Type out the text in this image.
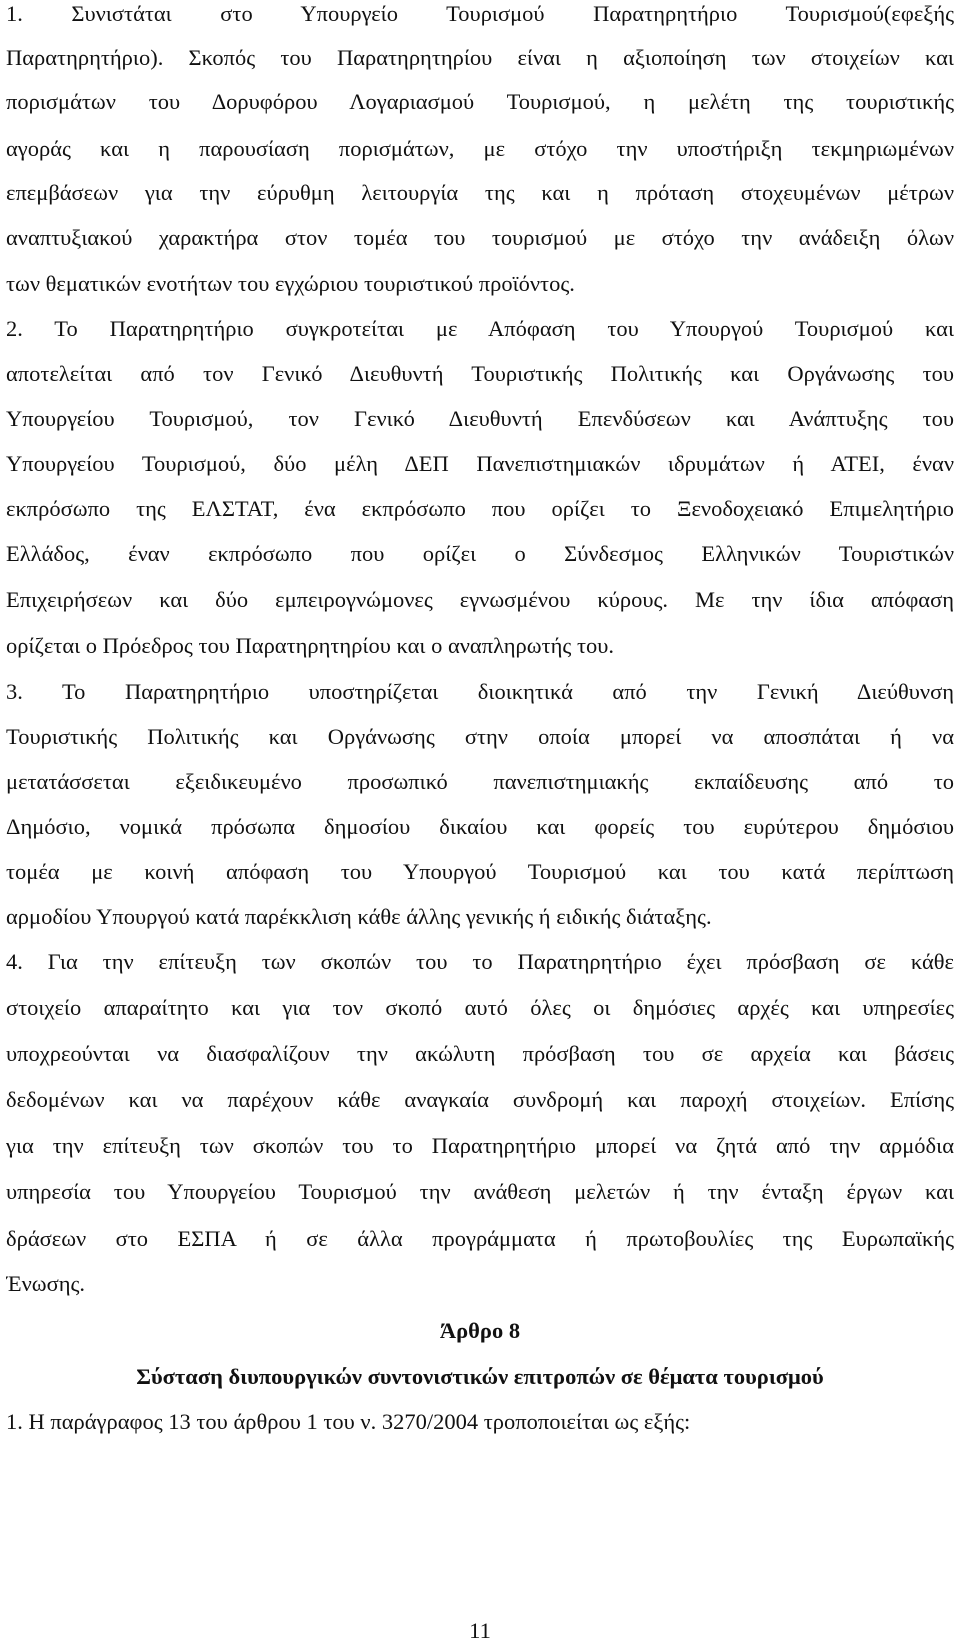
1. Συνιστάται στο Υπουργείο Τουρισμού Παρατηρητήριο Τουρισμού(εφεξής
Παρατηρητήριο). Σκοπός του Παρατηρητηρίου είναι η αξιοποίηση των στοιχείων και
πορισμάτων του Δορυφόρου Λογαριασμού Τουρισμού, η μελέτη της τουριστικής
αγοράς και η παρουσίαση πορισμάτων, με στόχο την υποστήριξη τεκμηριωμένων
επεμβάσεων για την εύρυθμη λειτουργία της και η πρόταση στοχευμένων μέτρων
αναπτυξιακού χαρακτήρα στον τομέα του τουρισμού με στόχο την ανάδειξη όλων
των θεματικών ενοτήτων του εγχώριου τουριστικού προϊόντος.
2. Το Παρατηρητήριο συγκροτείται με Απόφαση του Υπουργού Τουρισμού και
αποτελείται από τον Γενικό Διευθυντή Τουριστικής Πολιτικής και Οργάνωσης του
Υπουργείου Τουρισμού, τον Γενικό Διευθυντή Επενδύσεων και Ανάπτυξης του
Υπουργείου Τουρισμού, δύο μέλη ΔΕΠ Πανεπιστημιακών ιδρυμάτων ή ΑΤΕΙ, έναν
εκπρόσωπο της ΕΛΣΤΑΤ, ένα εκπρόσωπο που ορίζει το Ξενοδοχειακό Επιμελητήριο
Ελλάδος, έναν εκπρόσωπο που ορίζει ο Σύνδεσμος Ελληνικών Τουριστικών
Επιχειρήσεων και δύο εμπειρογνώμονες εγνωσμένου κύρους. Με την ίδια απόφαση
ορίζεται ο Πρόεδρος του Παρατηρητηρίου και ο αναπληρωτής του.
3. Το Παρατηρητήριο υποστηρίζεται διοικητικά από την Γενική Διεύθυνση
Τουριστικής Πολιτικής και Οργάνωσης στην οποία μπορεί να αποσπάται ή να
μετατάσσεται εξειδικευμένο προσωπικό πανεπιστημιακής εκπαίδευσης από το
Δημόσιο, νομικά πρόσωπα δημοσίου δικαίου και φορείς του ευρύτερου δημόσιου
τομέα με κοινή απόφαση του Υπουργού Τουρισμού και του κατά περίπτωση
αρμοδίου Υπουργού κατά παρέκκλιση κάθε άλλης γενικής ή ειδικής διάταξης.
4. Για την επίτευξη των σκοπών του το Παρατηρητήριο έχει πρόσβαση σε κάθε
στοιχείο απαραίτητο και για τον σκοπό αυτό όλες οι δημόσιες αρχές και υπηρεσίες
υποχρεούνται να διασφαλίζουν την ακώλυτη πρόσβαση του σε αρχεία και βάσεις
δεδομένων και να παρέχουν κάθε αναγκαία συνδρομή και παροχή στοιχείων. Επίσης
για την επίτευξη των σκοπών του το Παρατηρητήριο μπορεί να ζητά από την αρμόδια
υπηρεσία του Υπουργείου Τουρισμού την ανάθεση μελετών ή την ένταξη έργων και
δράσεων στο ΕΣΠΑ ή σε άλλα προγράμματα ή πρωτοβουλίες της Ευρωπαϊκής
Ένωσης.
Άρθρο 8
Σύσταση διυπουργικών συντονιστικών επιτροπών σε θέματα τουρισμού
1. Η παράγραφος 13 του άρθρου 1 του ν. 3270/2004 τροποποιείται ως εξής:
11
